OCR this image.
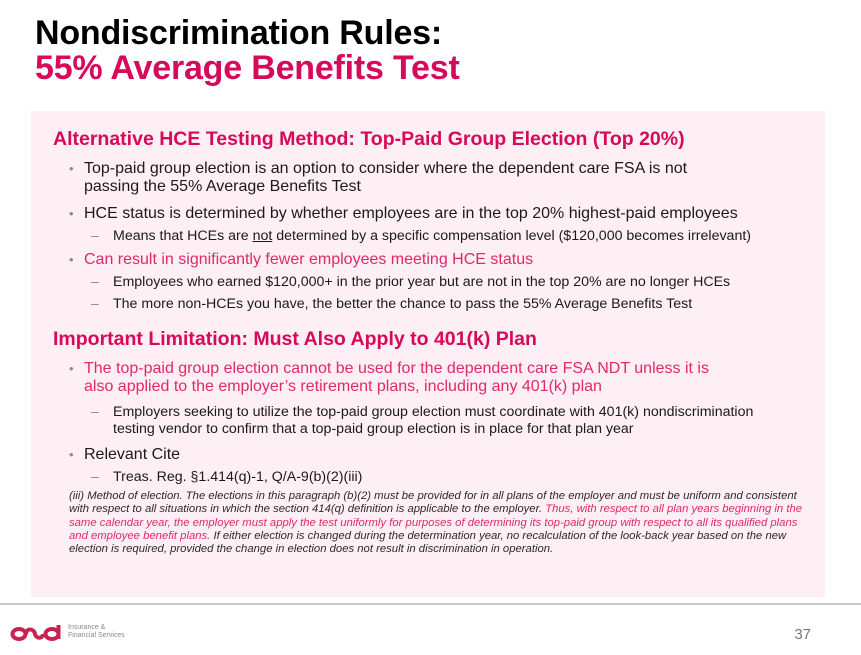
Nondiscrimination Rules:
55% Average Benefits Test
Alternative HCE Testing Method: Top-Paid Group Election (Top 20%)
• Top-paid group election is an option to consider where the dependent care FSA is not
passing the 55% Average Benefits Test
• HCE status is determined by whether employees are in the top 20% highest-paid employees
– Means that HCEs are not determined by a specific compensation level ($120,000 becomes irrelevant)
• Can result in significantly fewer employees meeting HCE status
– Employees who earned $120,000+ in the prior year but are not in the top 20% are no longer HCEs
– The more non-HCEs you have, the better the chance to pass the 55% Average Benefits Test
Important Limitation: Must Also Apply to 401(k) Plan
• The top-paid group election cannot be used for the dependent care FSA NDT unless it is
also applied to the employer’s retirement plans, including any 401(k) plan
– Employers seeking to utilize the top-paid group election must coordinate with 401(k) nondiscrimination
testing vendor to confirm that a top-paid group election is in place for that plan year
• Relevant Cite
– Treas. Reg. §1.414(q)-1, Q/A-9(b)(2)(iii)
(iii) Method of election. The elections in this paragraph (b)(2) must be provided for in all plans of the employer and must be uniform and consistent with respect to all situations in which the section 414(q) definition is applicable to the employer. Thus, with respect to all plan years beginning in the same calendar year, the employer must apply the test uniformly for purposes of determining its top-paid group with respect to all its qualified plans and employee benefit plans. If either election is changed during the determination year, no recalculation of the look-back year based on the new election is required, provided the change in election does not result in discrimination in operation.
Insurance &
Financial Services	37
